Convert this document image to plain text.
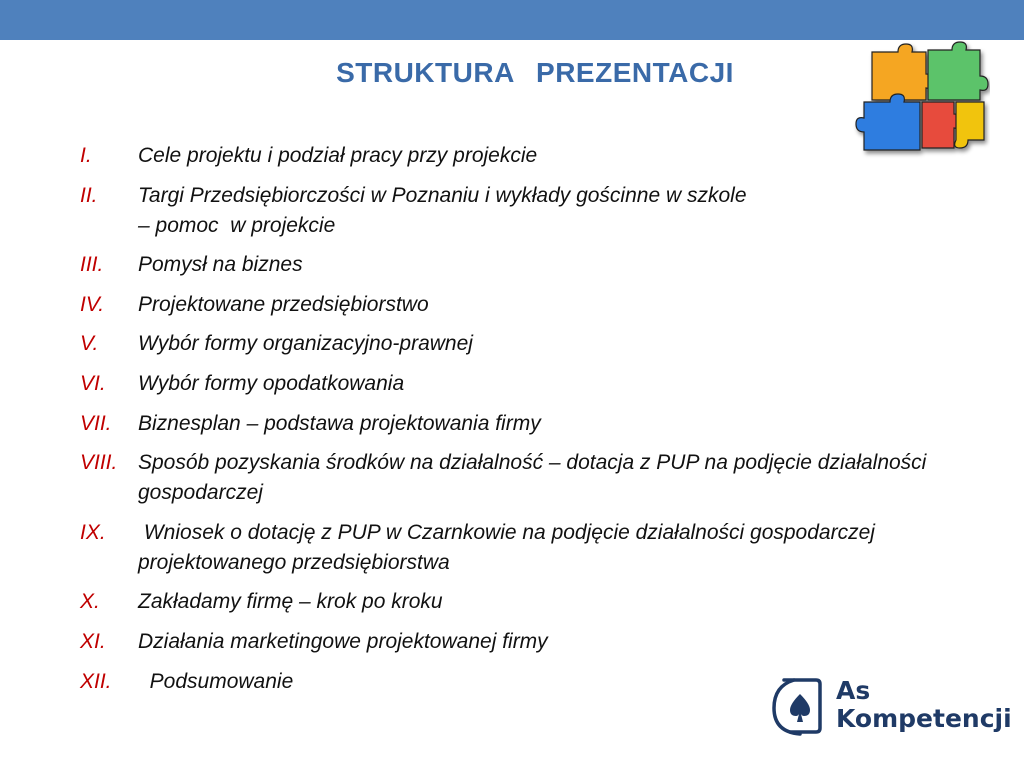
STRUKTURA PREZENTACJI
I.	Cele projektu i podział pracy przy projekcie
II.	Targi Przedsiębiorczości w Poznaniu i wykłady gościnne w szkole
– pomoc  w projekcie
III.	Pomysł na biznes
IV.	Projektowane przedsiębiorstwo
V.	Wybór formy organizacyjno-prawnej
VI.	Wybór formy opodatkowania
VII.	Biznesplan – podstawa projektowania firmy
VIII. Sposób pozyskania środków na działalność – dotacja z PUP na podjęcie działalności gospodarczej
IX.	Wniosek o dotację z PUP w Czarnkowie na podjęcie działalności gospodarczej projektowanego przedsiębiorstwa
X.	Zakładamy firmę – krok po kroku
XI.	Działania marketingowe projektowanej firmy
XII.	Podsumowanie	As
Kompetencji
